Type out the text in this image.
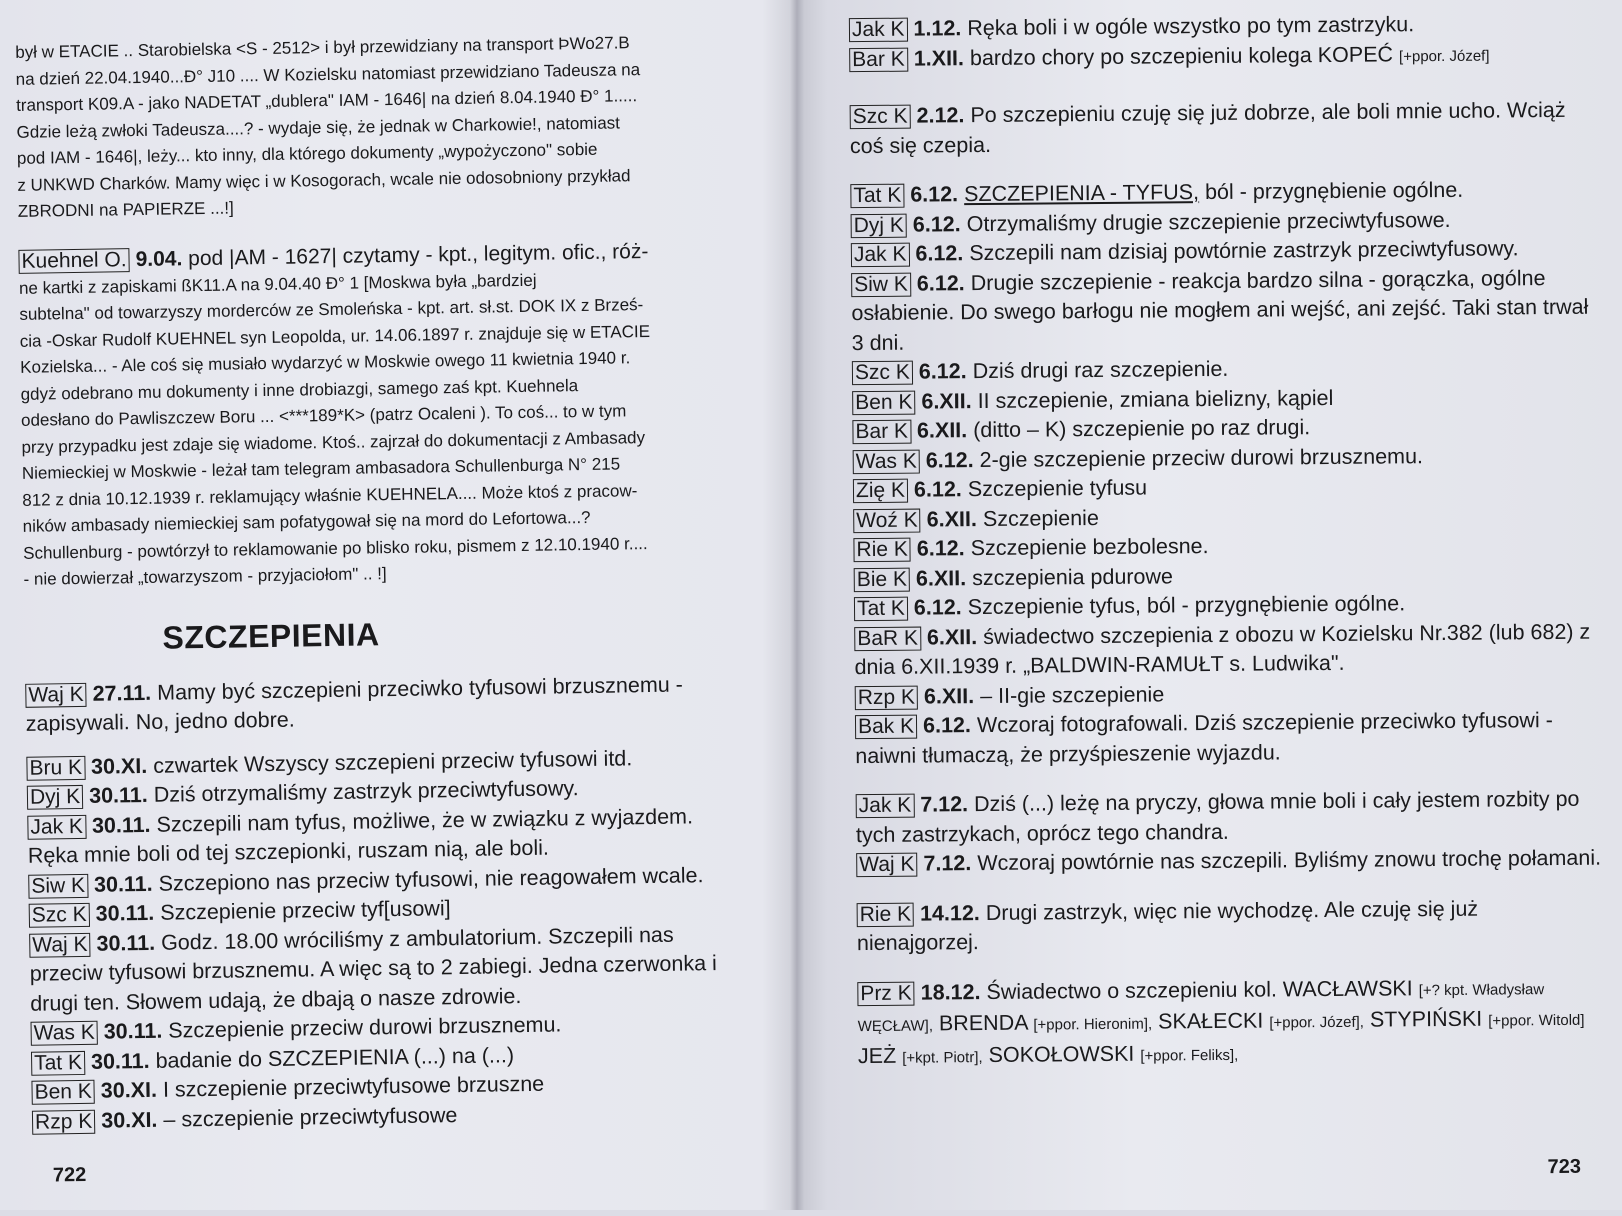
był w ETACIE .. Starobielska <S - 2512> i był przewidziany na transport ÞWo27.B

na dzień 22.04.1940...Đ° J10 .... W Kozielsku natomiast przewidziano Tadeusza na

transport K09.A - jako NADETAT „dublera" IAM - 1646| na dzień 8.04.1940 Đ° 1.....

Gdzie leżą zwłoki Tadeusza....? - wydaje się, że jednak w Charkowie!, natomiast

pod IAM - 1646|, leży... kto inny, dla którego dokumenty „wypożyczono" sobie

z UNKWD Charków. Mamy więc i w Kosogorach, wcale nie odosobniony przykład

ZBRODNI na PAPIERZE ...!]

Kuehnel O. 9.04. pod |AM - 1627| czytamy - kpt., legitym. ofic., róż-

ne kartki z zapiskami ßK11.A na 9.04.40 Đ° 1 [Moskwa była „bardziej

subtelna" od towarzyszy morderców ze Smoleńska - kpt. art. sł.st. DOK IX z Brześ-

cia -Oskar Rudolf KUEHNEL syn Leopolda, ur. 14.06.1897 r. znajduje się w ETACIE

Kozielska... - Ale coś się musiało wydarzyć w Moskwie owego 11 kwietnia 1940 r.

gdyż odebrano mu dokumenty i inne drobiazgi, samego zaś kpt. Kuehnela

odesłano do Pawliszczew Boru ... <***189*K> (patrz Ocaleni ). To coś... to w tym

przy przypadku jest zdaje się wiadome. Ktoś.. zajrzał do dokumentacji z Ambasady

Niemieckiej w Moskwie - leżał tam telegram ambasadora Schullenburga N° 215

812 z dnia 10.12.1939 r. reklamujący właśnie KUEHNELA.... Może ktoś z pracow-

ników ambasady niemieckiej sam pofatygował się na mord do Lefortowa...?

Schullenburg - powtórzył to reklamowanie po blisko roku, pismem z 12.10.1940 r....

- nie dowierzał „towarzyszom - przyjaciołom" .. !]

SZCZEPIENIA

Waj K 27.11. Mamy być szczepieni przeciwko tyfusowi brzusznemu - zapisywali. No, jedno dobre.

Bru K 30.XI. czwartek Wszyscy szczepieni przeciw tyfusowi itd.

Dyj K 30.11. Dziś otrzymaliśmy zastrzyk przeciwtyfusowy.

Jak K 30.11. Szczepili nam tyfus, możliwe, że w związku z wyjazdem. Ręka mnie boli od tej szczepionki, ruszam nią, ale boli.

Siw K 30.11. Szczepiono nas przeciw tyfusowi, nie reagowałem wcale.

Szc K 30.11. Szczepienie przeciw tyf[usowi]

Waj K 30.11. Godz. 18.00 wróciliśmy z ambulatorium. Szczepili nas przeciw tyfusowi brzusznemu. A więc są to 2 zabiegi. Jedna czerwonka i drugi ten. Słowem udają, że dbają o nasze zdrowie.

Was K 30.11. Szczepienie przeciw durowi brzusznemu.

Tat K 30.11. badanie do SZCZEPIENIA (...) na (...)

Ben K 30.XI. I szczepienie przeciwtyfusowe brzuszne

Rzp K 30.XI. – szczepienie przeciwtyfusowe

722

Jak K 1.12. Ręka boli i w ogóle wszystko po tym zastrzyku.

Bar K 1.XII. bardzo chory po szczepieniu kolega KOPEĆ [+ppor. Józef]

Szc K 2.12. Po szczepieniu czuję się już dobrze, ale boli mnie ucho. Wciąż coś się czepia.

Tat K 6.12. SZCZEPIENIA - TYFUS, ból - przygnębienie ogólne.

Dyj K 6.12. Otrzymaliśmy drugie szczepienie przeciwtyfusowe.

Jak K 6.12. Szczepili nam dzisiaj powtórnie zastrzyk przeciwtyfusowy.

Siw K 6.12. Drugie szczepienie - reakcja bardzo silna - gorączka, ogólne osłabienie. Do swego barłogu nie mogłem ani wejść, ani zejść. Taki stan trwał 3 dni.

Szc K 6.12. Dziś drugi raz szczepienie.

Ben K 6.XII. II szczepienie, zmiana bielizny, kąpiel

Bar K 6.XII. (ditto – K) szczepienie po raz drugi.

Was K 6.12. 2-gie szczepienie przeciw durowi brzusznemu.

Zię K 6.12. Szczepienie tyfusu

Woź K 6.XII. Szczepienie

Rie K 6.12. Szczepienie bezbolesne.

Bie K 6.XII. szczepienia pdurowe

Tat K 6.12. Szczepienie tyfus, ból - przygnębienie ogólne.

BaR K 6.XII. świadectwo szczepienia z obozu w Kozielsku Nr.382 (lub 682) z dnia 6.XII.1939 r. „BALDWIN-RAMUŁT s. Ludwika".

Rzp K 6.XII. – II-gie szczepienie

Bak K 6.12. Wczoraj fotografowali. Dziś szczepienie przeciwko tyfusowi - naiwni tłumaczą, że przyśpieszenie wyjazdu.

Jak K 7.12. Dziś (...) leżę na pryczy, głowa mnie boli i cały jestem rozbity po tych zastrzykach, oprócz tego chandra.

Waj K 7.12. Wczoraj powtórnie nas szczepili. Byliśmy znowu trochę połamani.

Rie K 14.12. Drugi zastrzyk, więc nie wychodzę. Ale czuję się już nienajgorzej.

Prz K 18.12. Świadectwo o szczepieniu kol. WACŁAWSKI [+? kpt. Władysław WĘCŁAW], BRENDA [+ppor. Hieronim], SKAŁECKI [+ppor. Józef], STYPIŃSKI [+ppor. Witold] JEŻ [+kpt. Piotr], SOKOŁOWSKI [+ppor. Feliks],

723
